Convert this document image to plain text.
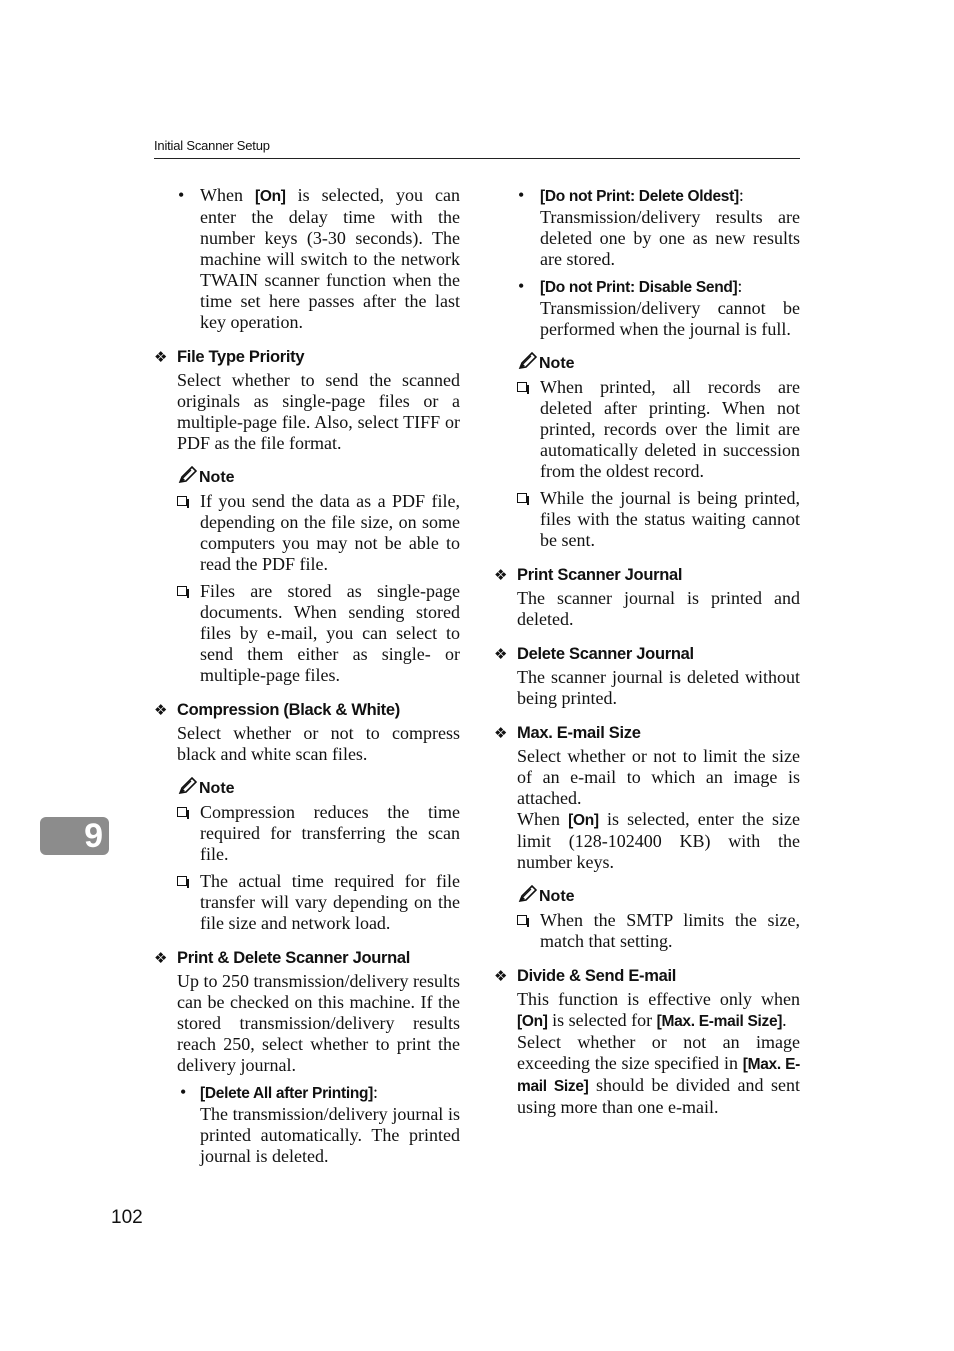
Initial Scanner Setup
9
102

• When [On] is selected, you can enter the delay time with the number keys (3-30 seconds). The machine will switch to the network TWAIN scanner function when the time set here passes after the last key operation.

❖ File Type Priority

Select whether to send the scanned originals as single-page files or a multiple-page file. Also, select TIFF or PDF as the file format.

Note

If you send the data as a PDF file, depending on the file size, on some computers you may not be able to read the PDF file.

Files are stored as single-page documents. When sending stored files by e-mail, you can select to send them either as single- or multiple-page files.

❖ Compression (Black & White)

Select whether or not to compress black and white scan files.

Note

Compression reduces the time required for transferring the scan file.

The actual time required for file transfer will vary depending on the file size and network load.

❖ Print & Delete Scanner Journal

Up to 250 transmission/delivery results can be checked on this machine. If the stored transmission/delivery results reach 250, select whether to print the delivery journal.

• [Delete All after Printing]:
The transmission/delivery journal is printed automatically. The printed journal is deleted.

• [Do not Print: Delete Oldest]:
Transmission/delivery results are deleted one by one as new results are stored.

• [Do not Print: Disable Send]:
Transmission/delivery cannot be performed when the journal is full.

Note

When printed, all records are deleted after printing. When not printed, records over the limit are automatically deleted in succession from the oldest record.

While the journal is being printed, files with the status waiting cannot be sent.

❖ Print Scanner Journal

The scanner journal is printed and deleted.

❖ Delete Scanner Journal

The scanner journal is deleted without being printed.

❖ Max. E-mail Size

Select whether or not to limit the size of an e-mail to which an image is attached.

When [On] is selected, enter the size limit (128-102400 KB) with the number keys.

Note

When the SMTP limits the size, match that setting.

❖ Divide & Send E-mail

This function is effective only when [On] is selected for [Max. E-mail Size].

Select whether or not an image exceeding the size specified in [Max. E-mail Size] should be divided and sent using more than one e-mail.
